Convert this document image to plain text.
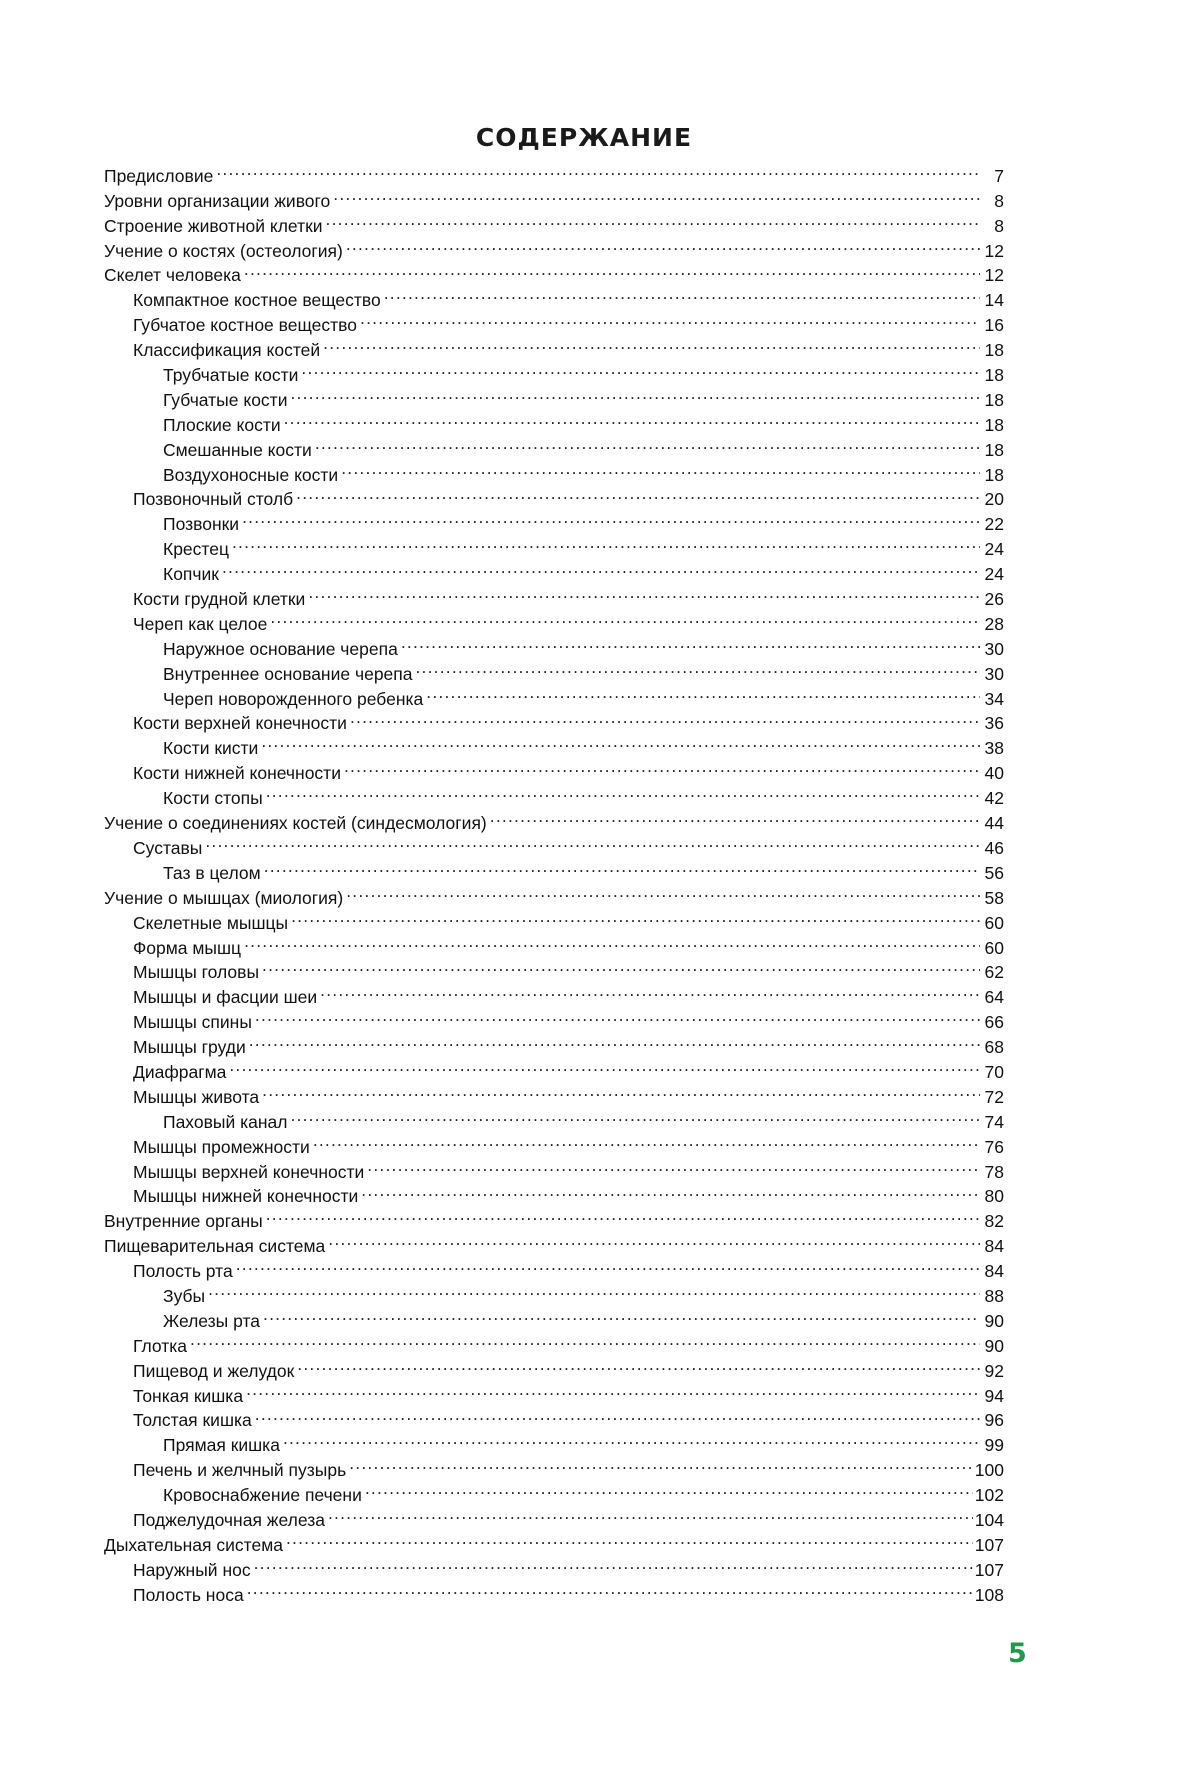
СОДЕРЖАНИЕ
Предисловие .....	7
Уровни организации живого .....	8
Строение животной клетки .....	8
Учение о костях (остеология) .....	12
Скелет человека .....	12
Компактное костное вещество .....	14
Губчатое костное вещество .....	16
Классификация костей .....	18
Трубчатые кости .....	18
Губчатые кости .....	18
Плоские кости .....	18
Смешанные кости .....	18
Воздухоносные кости .....	18
Позвоночный столб .....	20
Позвонки .....	22
Крестец .....	24
Копчик .....	24
Кости грудной клетки .....	26
Череп как целое .....	28
Наружное основание черепа .....	30
Внутреннее основание черепа .....	30
Череп новорожденного ребенка .....	34
Кости верхней конечности .....	36
Кости кисти .....	38
Кости нижней конечности .....	40
Кости стопы .....	42
Учение о соединениях костей (синдесмология) .....	44
Суставы .....	46
Таз в целом .....	56
Учение о мышцах (миология) .....	58
Скелетные мышцы .....	60
Форма мышц .....	60
Мышцы головы .....	62
Мышцы и фасции шеи .....	64
Мышцы спины .....	66
Мышцы груди .....	68
Диафрагма .....	70
Мышцы живота .....	72
Паховый канал .....	74
Мышцы промежности .....	76
Мышцы верхней конечности .....	78
Мышцы нижней конечности .....	80
Внутренние органы .....	82
Пищеварительная система .....	84
Полость рта .....	84
Зубы .....	88
Железы рта .....	90
Глотка .....	90
Пищевод и желудок .....	92
Тонкая кишка .....	94
Толстая кишка .....	96
Прямая кишка .....	99
Печень и желчный пузырь .....	100
Кровоснабжение печени .....	102
Поджелудочная железа .....	104
Дыхательная система .....	107
Наружный нос .....	107
Полость носа .....	108
5
